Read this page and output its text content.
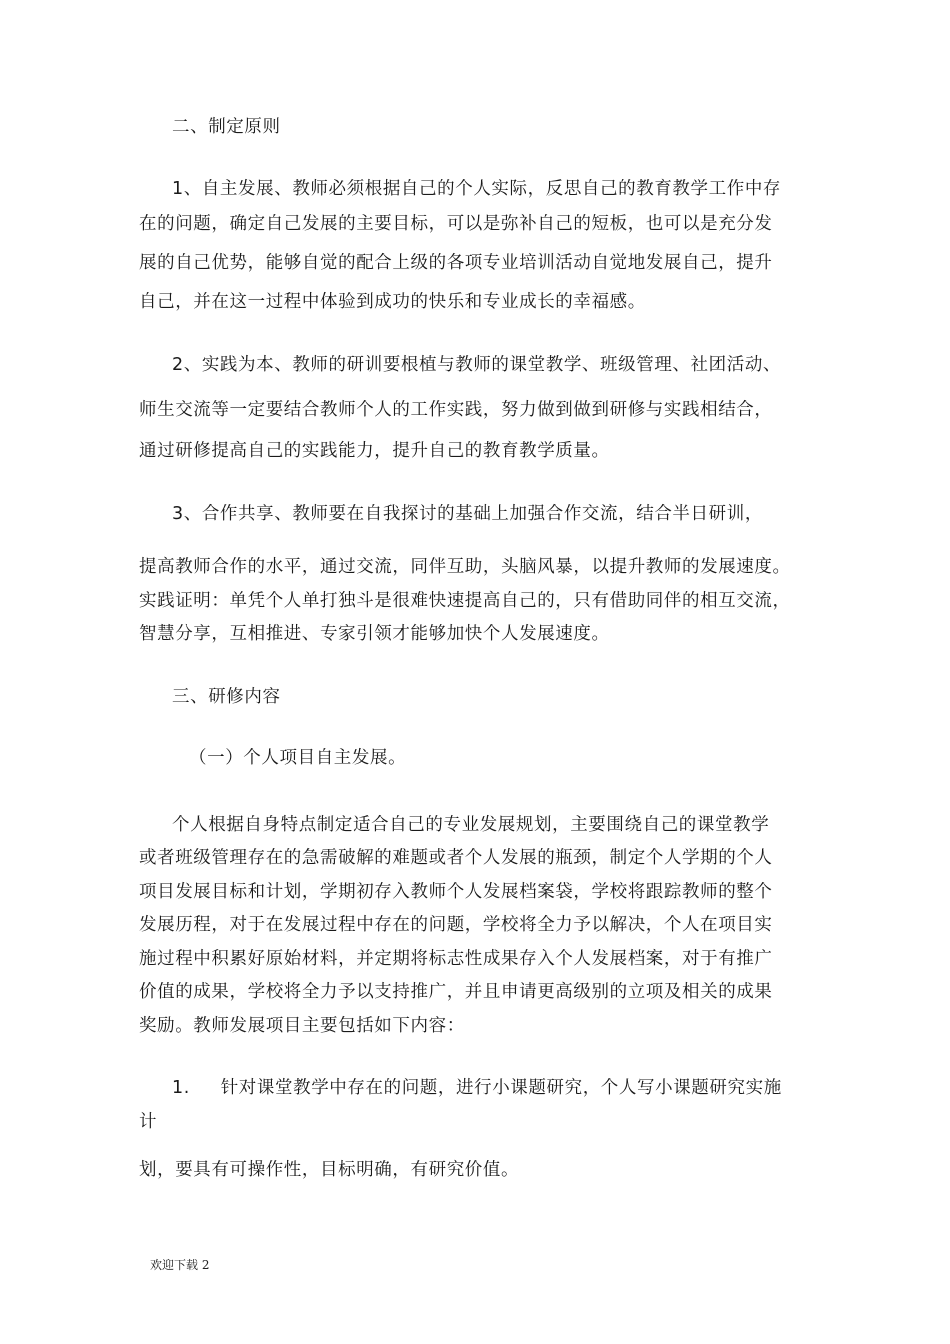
二、制定原则
1、自主发展、教师必须根据自己的个人实际，反思自己的教育教学工作中存
在的问题，确定自己发展的主要目标，可以是弥补自己的短板，也可以是充分发
展的自己优势，能够自觉的配合上级的各项专业培训活动自觉地发展自己，提升
自己，并在这一过程中体验到成功的快乐和专业成长的幸福感。
2、实践为本、教师的研训要根植与教师的课堂教学、班级管理、社团活动、
师生交流等一定要结合教师个人的工作实践，努力做到做到研修与实践相结合，
通过研修提高自己的实践能力，提升自己的教育教学质量。
3、合作共享、教师要在自我探讨的基础上加强合作交流，结合半日研训，
提高教师合作的水平，通过交流，同伴互助，头脑风暴，以提升教师的发展速度。
实践证明：单凭个人单打独斗是很难快速提高自己的，只有借助同伴的相互交流，
智慧分享，互相推进、专家引领才能够加快个人发展速度。
三、研修内容
（一）个人项目自主发展。
个人根据自身特点制定适合自己的专业发展规划，主要围绕自己的课堂教学
或者班级管理存在的急需破解的难题或者个人发展的瓶颈，制定个人学期的个人
项目发展目标和计划，学期初存入教师个人发展档案袋，学校将跟踪教师的整个
发展历程，对于在发展过程中存在的问题，学校将全力予以解决，个人在项目实
施过程中积累好原始材料，并定期将标志性成果存入个人发展档案，对于有推广
价值的成果，学校将全力予以支持推广，并且申请更高级别的立项及相关的成果
奖励。教师发展项目主要包括如下内容：
1.     针对课堂教学中存在的问题，进行小课题研究，个人写小课题研究实施
计
划，要具有可操作性，目标明确，有研究价值。
欢迎下载 2
